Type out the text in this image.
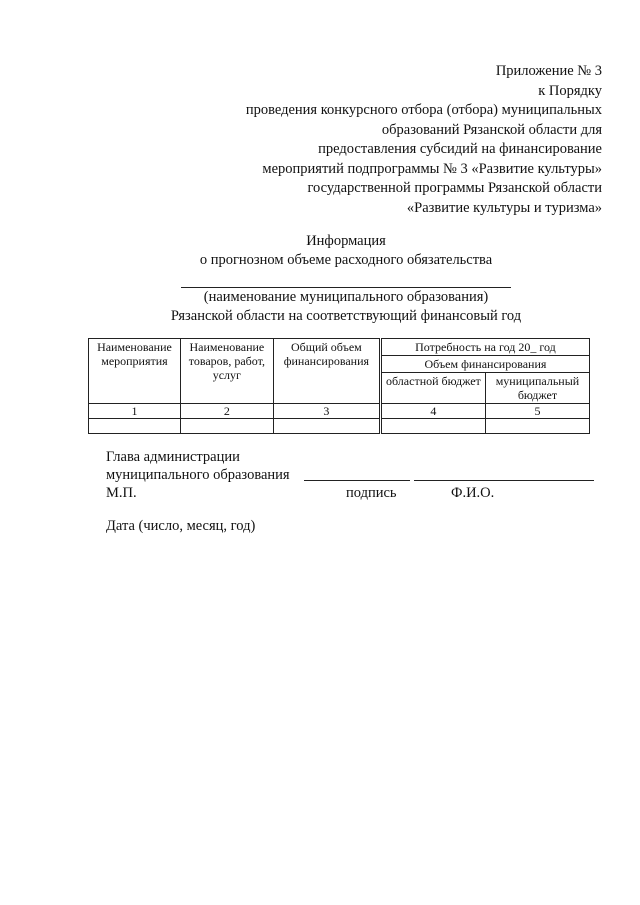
Приложение № 3
к Порядку
проведения конкурсного отбора (отбора) муниципальных
образований Рязанской области для
предоставления субсидий на финансирование
мероприятий подпрограммы № 3 «Развитие культуры»
государственной программы Рязанской области
«Развитие культуры и туризма»
Информация
о прогнозном объеме расходного обязательства
(наименование муниципального образования)
Рязанской области на соответствующий финансовый год
Наименование мероприятия	Наименование товаров, работ, услуг	Общий объем финансирования	Потребность на год 20_ год	
			Объем финансирования	
			областной бюджет	муниципальный бюджет
1	2	3	4	5

Глава администрации
муниципального образования
М.П.	подпись	Ф.И.О.
Дата (число, месяц, год)
